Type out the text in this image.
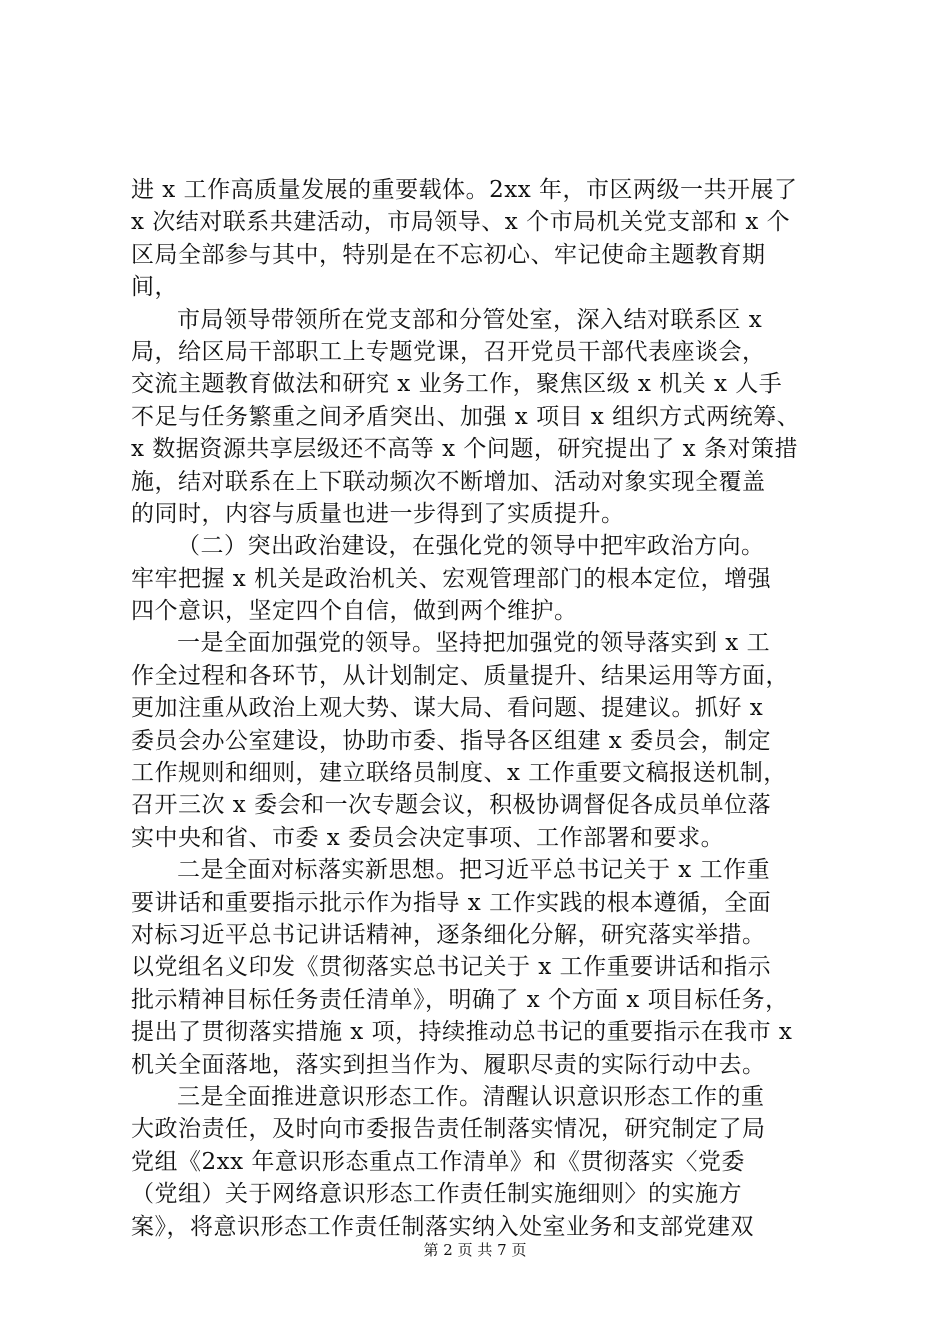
进 x 工作高质量发展的重要载体。2xx 年，市区两级一共开展了
x 次结对联系共建活动，市局领导、x 个市局机关党支部和 x 个
区局全部参与其中，特别是在不忘初心、牢记使命主题教育期
间，
市局领导带领所在党支部和分管处室，深入结对联系区 x
局，给区局干部职工上专题党课，召开党员干部代表座谈会，
交流主题教育做法和研究 x 业务工作，聚焦区级 x 机关 x 人手
不足与任务繁重之间矛盾突出、加强 x 项目 x 组织方式两统筹、
x 数据资源共享层级还不高等 x 个问题，研究提出了 x 条对策措
施，结对联系在上下联动频次不断增加、活动对象实现全覆盖
的同时，内容与质量也进一步得到了实质提升。
（二）突出政治建设，在强化党的领导中把牢政治方向。
牢牢把握 x 机关是政治机关、宏观管理部门的根本定位，增强
四个意识，坚定四个自信，做到两个维护。
一是全面加强党的领导。坚持把加强党的领导落实到 x 工
作全过程和各环节，从计划制定、质量提升、结果运用等方面，
更加注重从政治上观大势、谋大局、看问题、提建议。抓好 x
委员会办公室建设，协助市委、指导各区组建 x 委员会，制定
工作规则和细则，建立联络员制度、x 工作重要文稿报送机制，
召开三次 x 委会和一次专题会议，积极协调督促各成员单位落
实中央和省、市委 x 委员会决定事项、工作部署和要求。
二是全面对标落实新思想。把习近平总书记关于 x 工作重
要讲话和重要指示批示作为指导 x 工作实践的根本遵循，全面
对标习近平总书记讲话精神，逐条细化分解，研究落实举措。
以党组名义印发《贯彻落实总书记关于 x 工作重要讲话和指示
批示精神目标任务责任清单》，明确了 x 个方面 x 项目标任务，
提出了贯彻落实措施 x 项，持续推动总书记的重要指示在我市 x
机关全面落地，落实到担当作为、履职尽责的实际行动中去。
三是全面推进意识形态工作。清醒认识意识形态工作的重
大政治责任，及时向市委报告责任制落实情况，研究制定了局
党组《2xx 年意识形态重点工作清单》和《贯彻落实〈党委
（党组）关于网络意识形态工作责任制实施细则〉的实施方
案》，将意识形态工作责任制落实纳入处室业务和支部党建双
第 2 页 共 7 页
